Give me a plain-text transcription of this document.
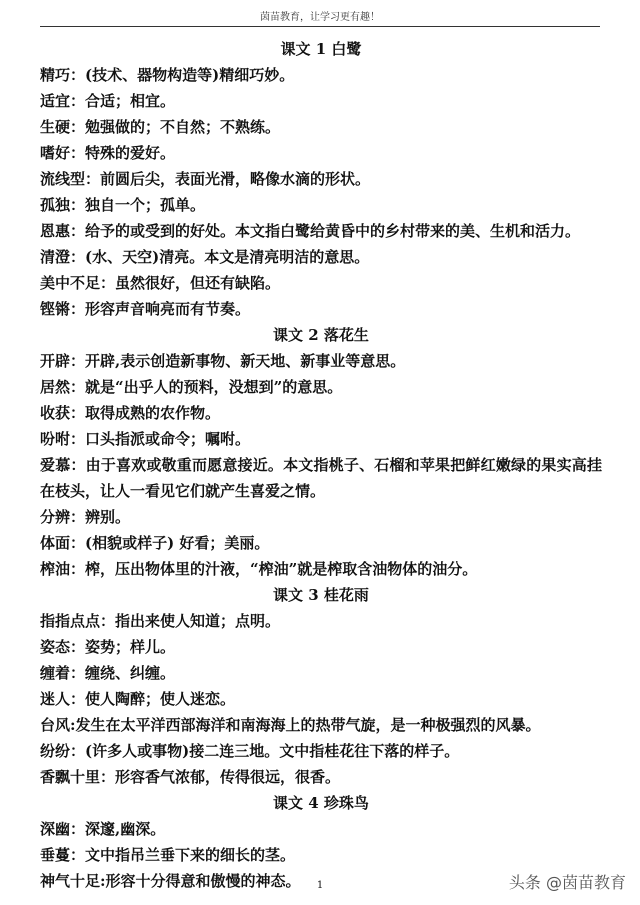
茵苗教育，让学习更有趣！
课文 1 白鹭
精巧：(技术、器物构造等)精细巧妙。
适宜：合适；相宜。
生硬：勉强做的；不自然；不熟练。
嗜好：特殊的爱好。
流线型：前圆后尖，表面光滑，略像水滴的形状。
孤独：独自一个；孤单。
恩惠：给予的或受到的好处。本文指白鹭给黄昏中的乡村带来的美、生机和活力。
清澄：(水、天空)清亮。本文是清亮明洁的意思。
美中不足：虽然很好，但还有缺陷。
铿锵：形容声音响亮而有节奏。
课文 2 落花生
开辟：开辟,表示创造新事物、新天地、新事业等意思。
居然：就是“出乎人的预料，没想到”的意思。
收获：取得成熟的农作物。
吩咐：口头指派或命令；嘱咐。
爱慕：由于喜欢或敬重而愿意接近。本文指桃子、石榴和苹果把鲜红嫩绿的果实高挂在枝头，让人一看见它们就产生喜爱之情。
分辨：辨别。
体面：(相貌或样子) 好看；美丽。
榨油：榨，压出物体里的汁液，“榨油”就是榨取含油物体的油分。
课文 3 桂花雨
指指点点：指出来使人知道；点明。
姿态：姿势；样儿。
缠着：缠绕、纠缠。
迷人：使人陶醉；使人迷恋。
台风:发生在太平洋西部海洋和南海海上的热带气旋，是一种极强烈的风暴。
纷纷：(许多人或事物)接二连三地。文中指桂花往下落的样子。
香飘十里：形容香气浓郁，传得很远，很香。
课文 4 珍珠鸟
深幽：深邃,幽深。
垂蔓：文中指吊兰垂下来的细长的茎。
神气十足:形容十分得意和傲慢的神态。	1	头条 @茵苗教育
